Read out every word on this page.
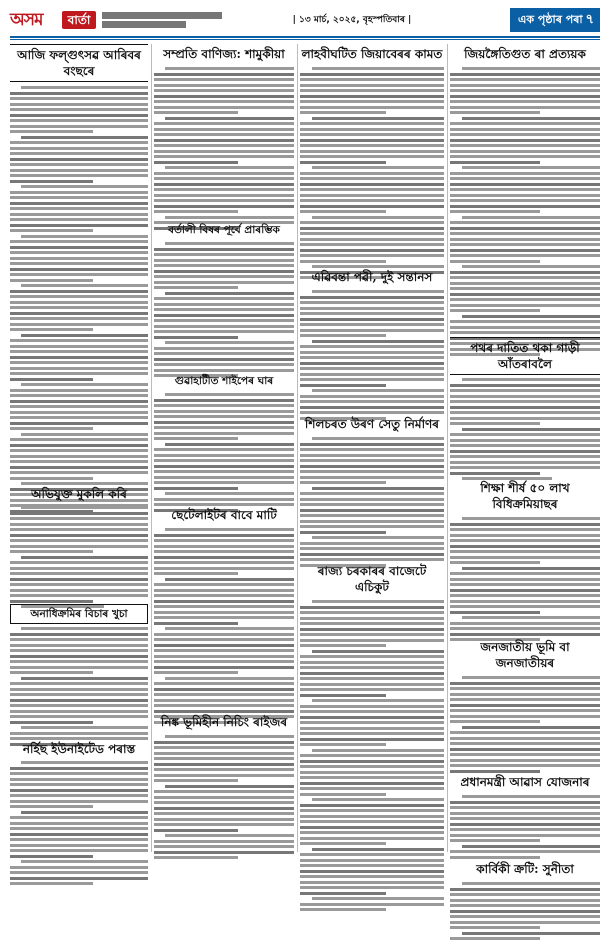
অসম	বাৰ্তা	| ১৩ মাৰ্চ, ২০২৫, বৃহস্পতিবাৰ |	এক পৃষ্ঠাৰ পৰা ৭
আজি ফল্গুৎসৱ আৰিবৰ বংছৰে
অভিযুক্ত মুকলি কৰি
অনাধিক্ৰমিৰ বিচাৰ খুচা
নৰ্হিছ ইউনাইটেড পৰাস্ত
সম্প্ৰতি বাণিজ্য: শামুকীয়া
বৰ্তালী বিষৰ পূৰ্বে প্ৰাৰম্ভিক
গুৱাহাটীত শাইপেৰ ঘাৰ
ছেটেলাইটৰ বাবে মাটি
নিঙ্ক ভূমিহীন নিচিং ৰাইজৰ
লাহবীঘটিত জিয়াবেৰৰ কামত
এৱিবন্তা পৱী, দুই সন্তানস
শিলচৰত উৰণ সেতু নিৰ্মাণৰ
ৰাজ্য চৰকাৰৰ বাজেটে এচিকুট
জিয়ঙ্গৈতিগুত ৰা প্ৰত্যয়ক
পথৰ দাতিত থকা গাড়ী আঁতৰাবলৈ
শিক্ষা শীৰ্ষ ৫০ লাখ বিধিক্ৰমিয়াছৰ
জনজাতীয় ভূমি বা জনজাতীয়ৰ
প্ৰধানমন্ত্ৰী আৱাস যোজনাৰ
কাৰ্বিকী ক্ৰটি: সুনীতা
